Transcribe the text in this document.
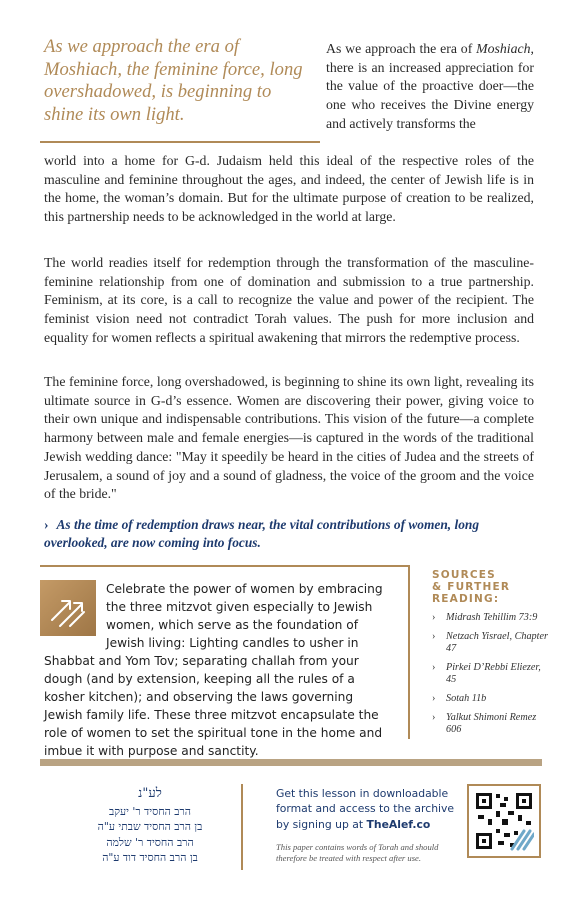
As we approach the era of Moshiach, the feminine force, long overshadowed, is beginning to shine its own light.
As we approach the era of Moshiach, there is an increased appreciation for the value of the proactive doer—the one who receives the Divine energy and actively transforms the
world into a home for G-d. Judaism held this ideal of the respective roles of the masculine and feminine throughout the ages, and indeed, the center of Jewish life is in the home, the woman’s domain. But for the ultimate purpose of creation to be realized, this partnership needs to be acknowledged in the world at large.
The world readies itself for redemption through the transformation of the masculine-feminine relationship from one of domination and submission to a true partnership. Feminism, at its core, is a call to recognize the value and power of the recipient. The feminist vision need not contradict Torah values. The push for more inclusion and equality for women reflects a spiritual awakening that mirrors the redemptive process.
The feminine force, long overshadowed, is beginning to shine its own light, revealing its ultimate source in G-d’s essence. Women are discovering their power, giving voice to their own unique and indispensable contributions. This vision of the future—a complete harmony between male and female energies—is captured in the words of the traditional Jewish wedding dance: "May it speedily be heard in the cities of Judea and the streets of Jerusalem, a sound of joy and a sound of gladness, the voice of the groom and the voice of the bride."
› As the time of redemption draws near, the vital contributions of women, long overlooked, are now coming into focus.
Celebrate the power of women by embracing the three mitzvot given especially to Jewish women, which serve as the foundation of Jewish living: Lighting candles to usher in Shabbat and Yom Tov; separating challah from your dough (and by extension, keeping all the rules of a kosher kitchen); and observing the laws governing Jewish family life. These three mitzvot encapsulate the role of women to set the spiritual tone in the home and imbue it with purpose and sanctity.
SOURCES
& FURTHER
READING:
› Midrash Tehillim 73:9
› Netzach Yisrael, Chapter 47
› Pirkei D’Rebbi Eliezer, 45
› Sotah 11b
› Yalkut Shimoni Remez 606
לע"נ
הרב החסיד ר' יעקב
בן הרב החסיד שבתי ע"ה
הרב החסיד ר' שלמה
בן הרב החסיד דוד ע"ה
Get this lesson in downloadable format and access to the archive by signing up at TheAlef.co
This paper contains words of Torah and should therefore be treated with respect after use.
